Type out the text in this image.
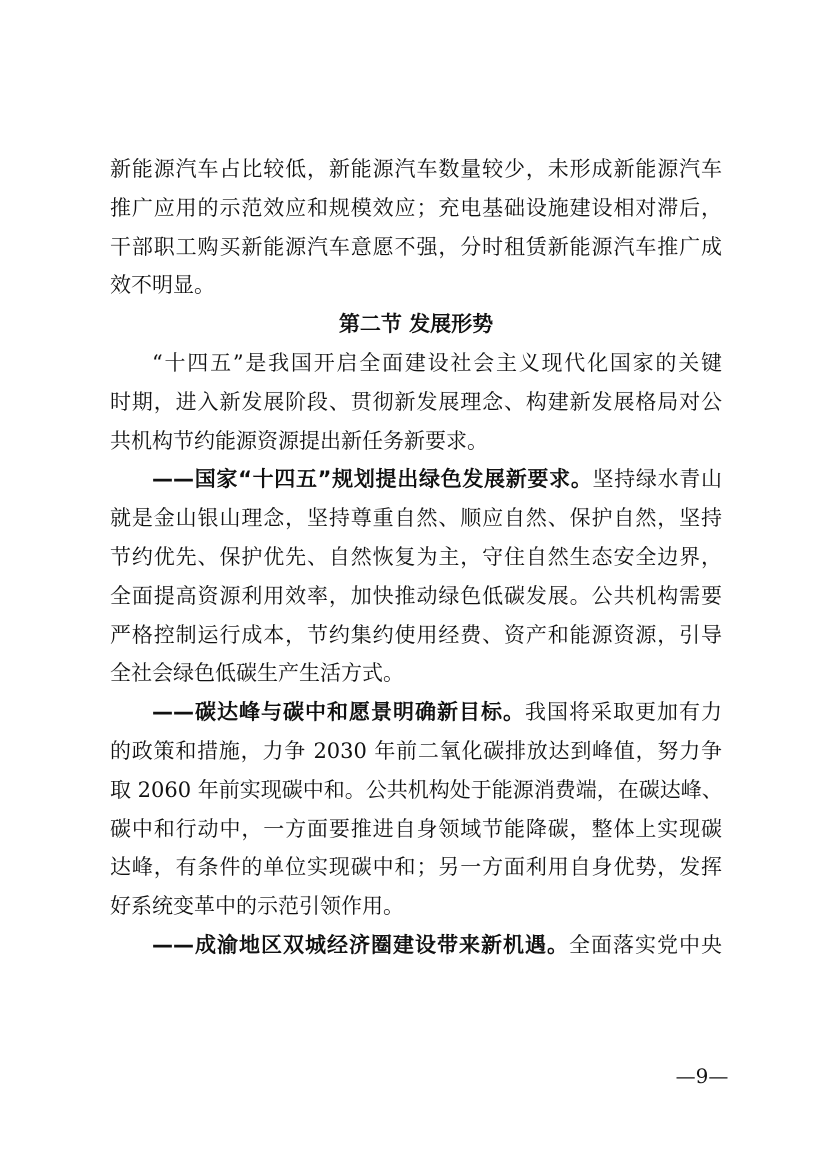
新能源汽车占比较低，新能源汽车数量较少，未形成新能源汽车
推广应用的示范效应和规模效应；充电基础设施建设相对滞后，
干部职工购买新能源汽车意愿不强，分时租赁新能源汽车推广成
效不明显。
第二节 发展形势
“十四五”是我国开启全面建设社会主义现代化国家的关键
时期，进入新发展阶段、贯彻新发展理念、构建新发展格局对公
共机构节约能源资源提出新任务新要求。
——国家“十四五”规划提出绿色发展新要求。坚持绿水青山
就是金山银山理念，坚持尊重自然、顺应自然、保护自然，坚持
节约优先、保护优先、自然恢复为主，守住自然生态安全边界，
全面提高资源利用效率，加快推动绿色低碳发展。公共机构需要
严格控制运行成本，节约集约使用经费、资产和能源资源，引导
全社会绿色低碳生产生活方式。
——碳达峰与碳中和愿景明确新目标。我国将采取更加有力
的政策和措施，力争 2030 年前二氧化碳排放达到峰值，努力争
取 2060 年前实现碳中和。公共机构处于能源消费端，在碳达峰、
碳中和行动中，一方面要推进自身领域节能降碳，整体上实现碳
达峰，有条件的单位实现碳中和；另一方面利用自身优势，发挥
好系统变革中的示范引领作用。
——成渝地区双城经济圈建设带来新机遇。全面落实党中央
—9—
